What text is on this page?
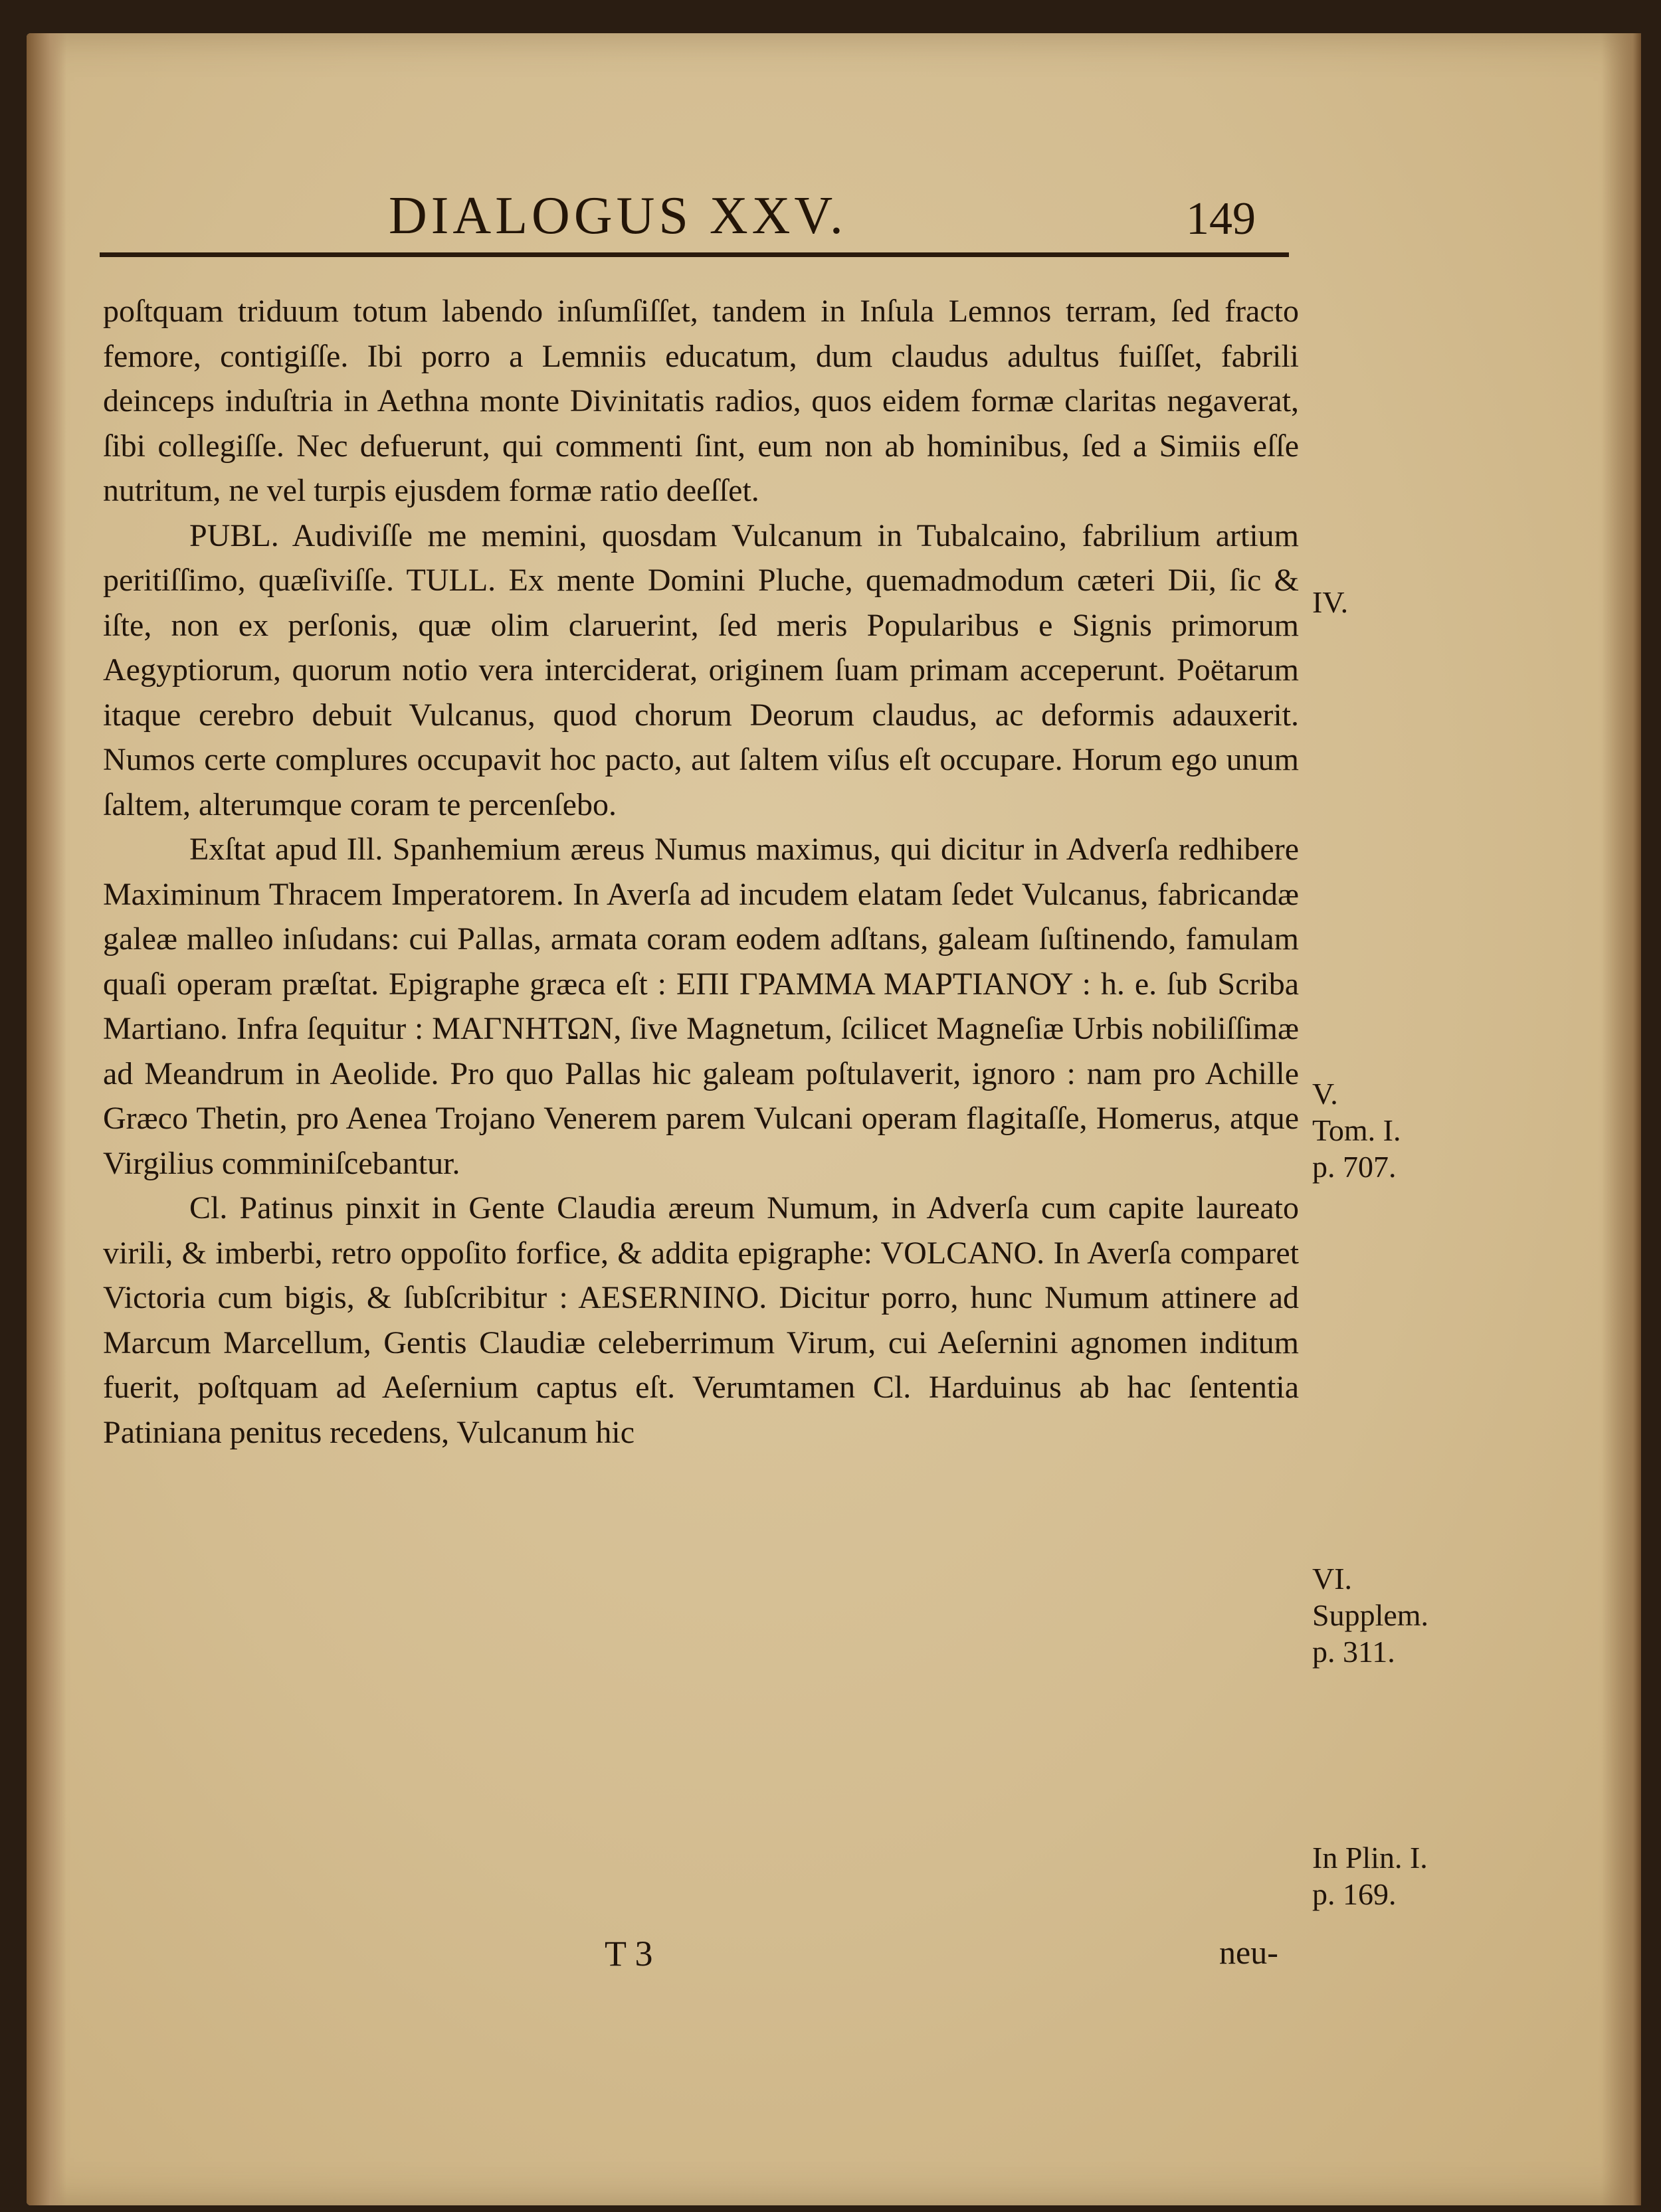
DIALOGUS XXV.	149

poſtquam triduum totum labendo inſumſiſſet, tandem in Inſula Lemnos terram, ſed fracto femore, contigiſſe. Ibi porro a Lemniis educatum, dum claudus adultus fuiſſet, fabrili deinceps induſtria in Aethna monte Divinitatis radios, quos eidem formæ claritas negaverat, ſibi collegiſſe. Nec defuerunt, qui commenti ſint, eum non ab hominibus, ſed a Simiis eſſe nutritum, ne vel turpis ejusdem formæ ratio deeſſet.

PUBL. Audiviſſe me memini, quosdam Vulcanum in Tubalcaino, fabrilium artium peritiſſimo, quæſiviſſe. TULL. Ex mente Domini Pluche, quemadmodum cæteri Dii, ſic & iſte, non ex perſonis, quæ olim claruerint, ſed meris Popularibus e Signis primorum Aegyptiorum, quorum notio vera interciderat, originem ſuam primam acceperunt. Poëtarum itaque cerebro debuit Vulcanus, quod chorum Deorum claudus, ac deformis adauxerit. Numos certe complures occupavit hoc pacto, aut ſaltem viſus eſt occupare. Horum ego unum ſaltem, alterumque coram te percenſebo.

Exſtat apud Ill. Spanhemium æreus Numus maximus, qui dicitur in Adverſa redhibere Maximinum Thracem Imperatorem. In Averſa ad incudem elatam ſedet Vulcanus, fabricandæ galeæ malleo inſudans: cui Pallas, armata coram eodem adſtans, galeam ſuſtinendo, famulam quaſi operam præſtat. Epigraphe græca eſt : ΕΠΙ ΓΡΑΜΜΑ ΜΑΡΤΙΑΝΟΥ : h. e. ſub Scriba Martiano. Infra ſequitur : ΜΑΓΝΗΤΩΝ, ſive Magnetum, ſcilicet Magneſiæ Urbis nobiliſſimæ ad Meandrum in Aeolide. Pro quo Pallas hic galeam poſtulaverit, ignoro : nam pro Achille Græco Thetin, pro Aenea Trojano Venerem parem Vulcani operam flagitaſſe, Homerus, atque Virgilius comminiſcebantur.

Cl. Patinus pinxit in Gente Claudia æreum Numum, in Adverſa cum capite laureato virili, & imberbi, retro oppoſito forfice, & addita epigraphe: VOLCANO. In Averſa comparet Victoria cum bigis, & ſubſcribitur : AESERNINO. Dicitur porro, hunc Numum attinere ad Marcum Marcellum, Gentis Claudiæ celeberrimum Virum, cui Aeſernini agnomen inditum fuerit, poſtquam ad Aeſernium captus eſt. Verumtamen Cl. Harduinus ab hac ſententia Patiniana penitus recedens, Vulcanum hic

IV.
V.
Tom. I.
p. 707.
VI.
Supplem.
p. 311.
In Plin. I.
p. 169.
T 3	neu-
